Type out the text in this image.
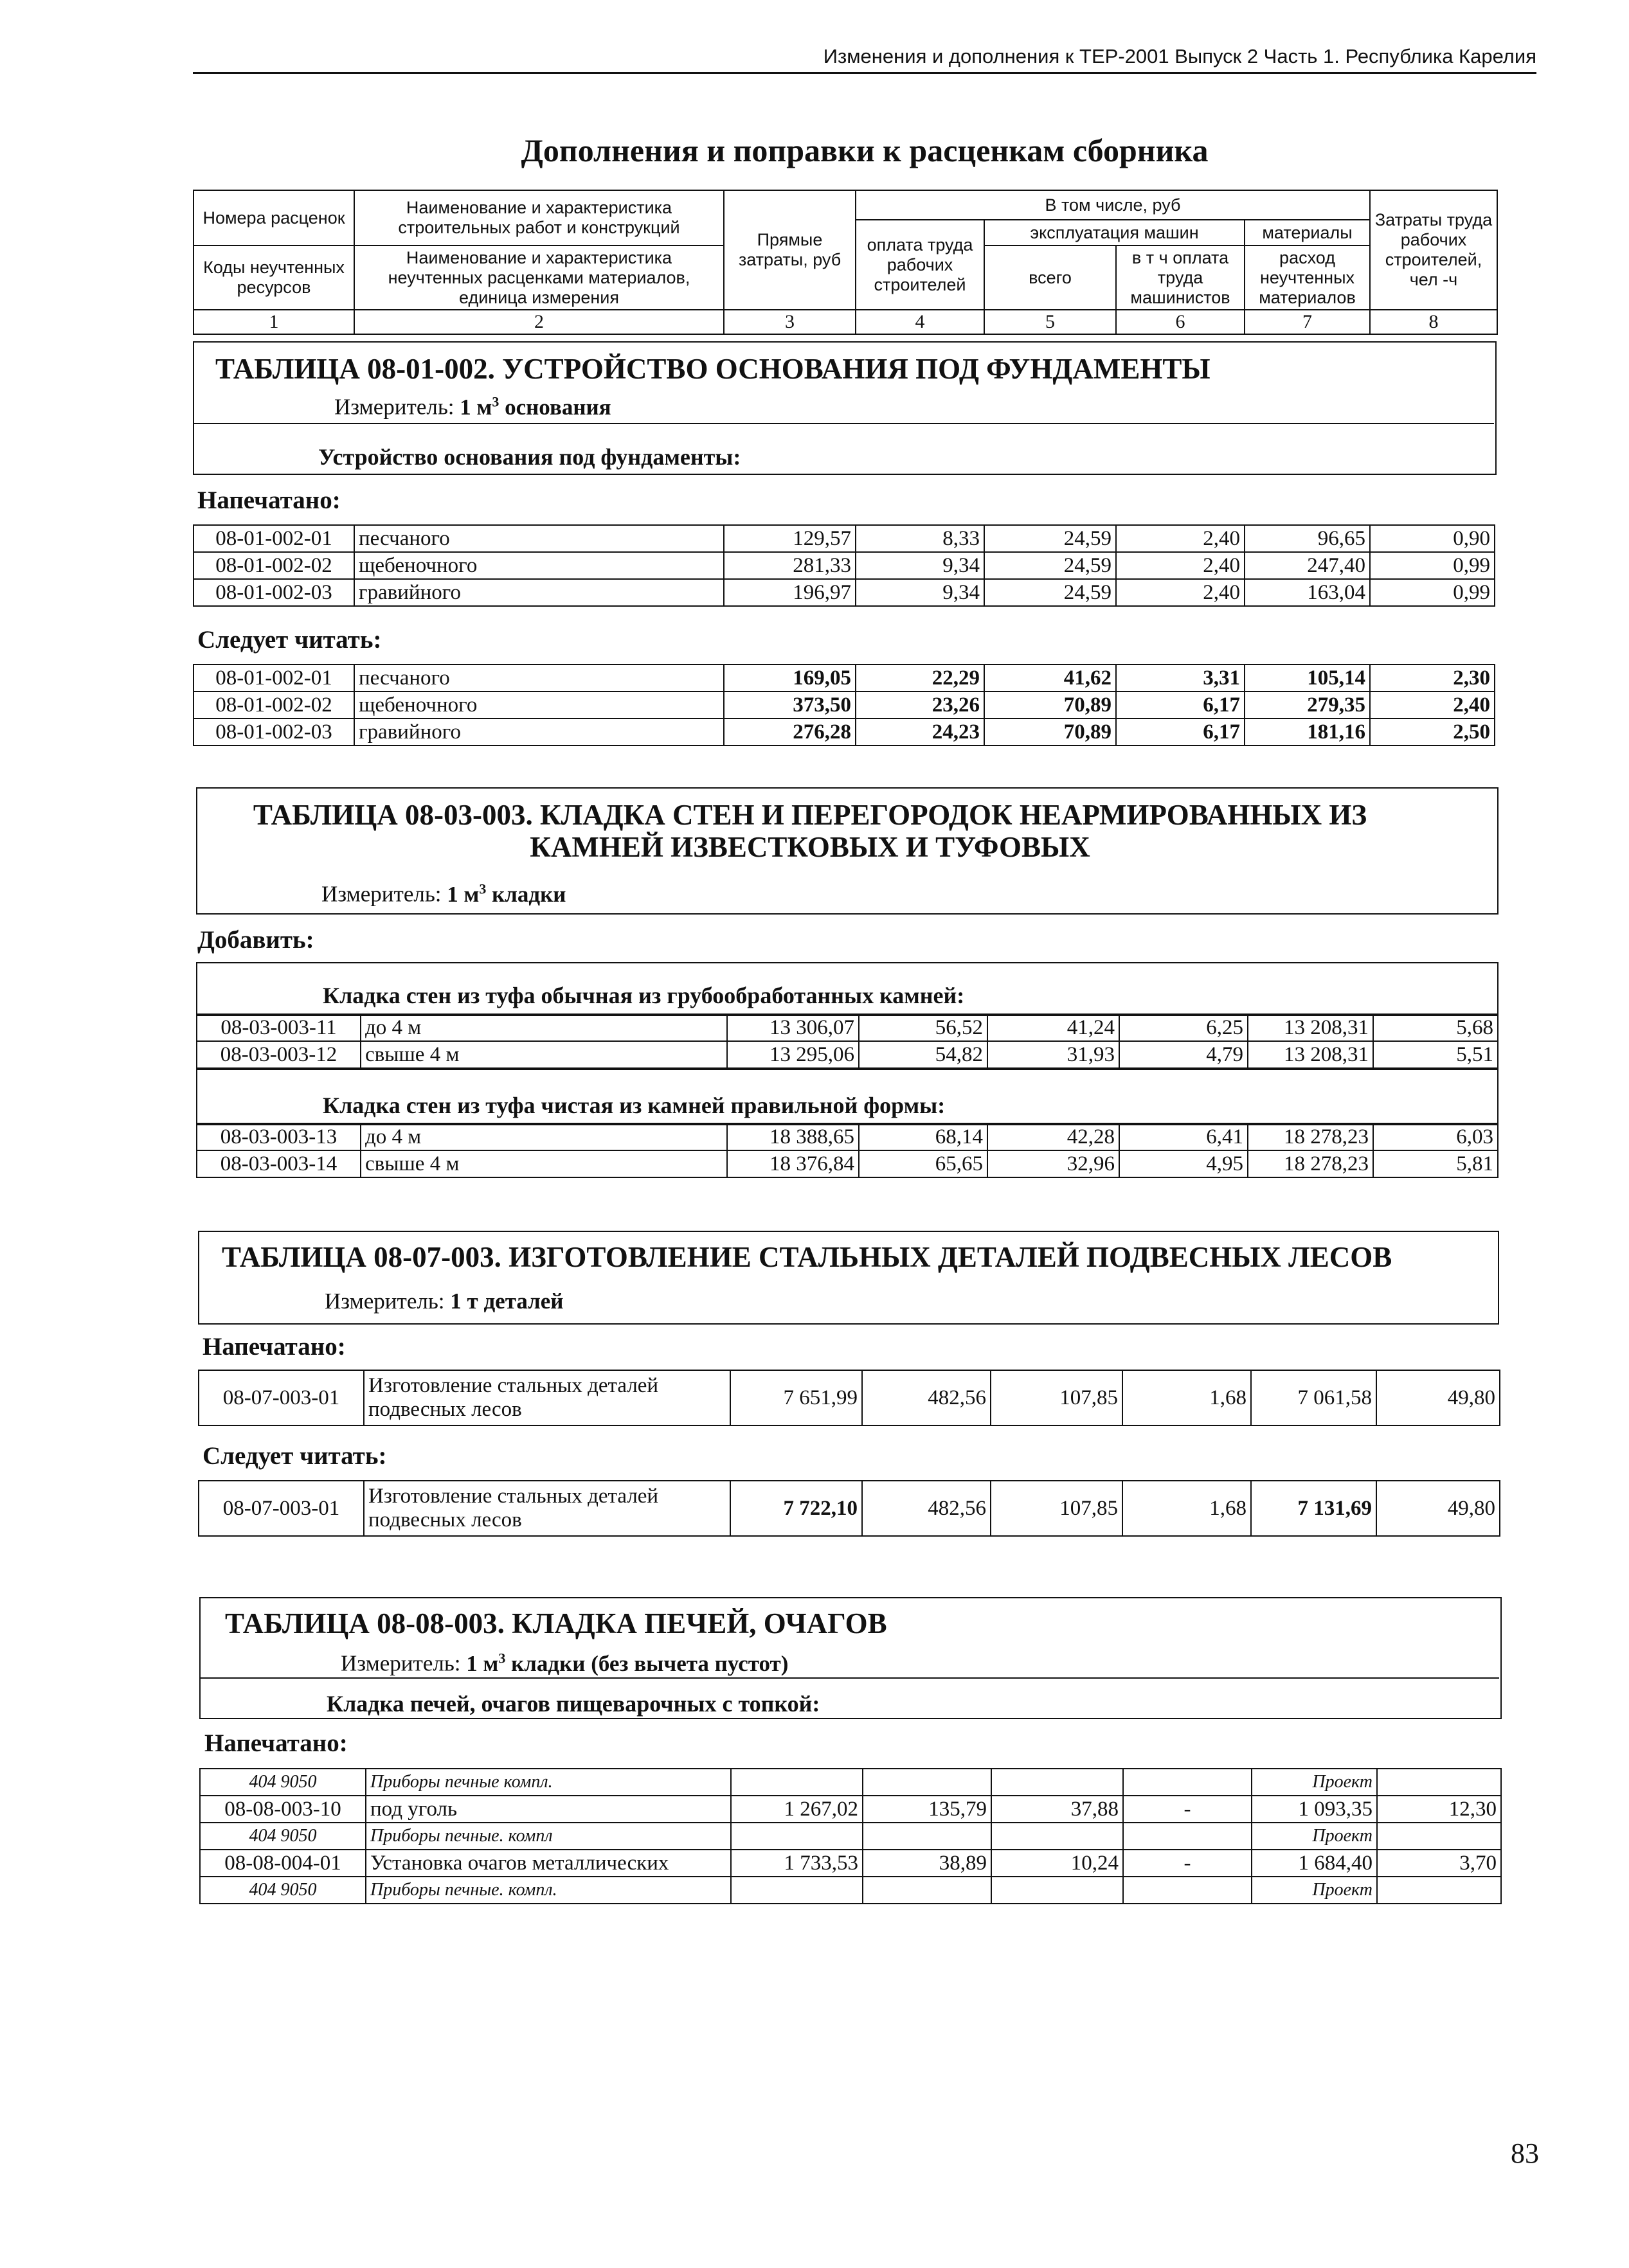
Изменения и дополнения к ТЕР-2001 Выпуск 2 Часть 1. Республика Карелия
Дополнения и поправки к расценкам сборника
Номера расценок	Наименование и характеристика строительных работ и конструкций	Прямые затраты, руб	В том числе, руб				Затраты труда рабочих строителей, чел -ч
			оплата труда рабочих строителей	эксплуатация машин		материалы	
Коды неучтенных ресурсов	Наименование и характеристика неучтенных расценками материалов, единица измерения			всего	в т ч оплата труда машинистов	расход неучтенных материалов	

1	2	3	4	5	6	7	8
ТАБЛИЦА 08-01-002. УСТРОЙСТВО ОСНОВАНИЯ ПОД ФУНДАМЕНТЫ
Измеритель: 1 $м^3$ основания
Устройство основания под фундаменты:
Напечатано:
08-01-002-01	песчаного	129,57	8,33	24,59	2,40	96,65	0,90
08-01-002-02	щебеночного	281,33	9,34	24,59	2,40	247,40	0,99
08-01-002-03	гравийного	196,97	9,34	24,59	2,40	163,04	0,99
Следует читать:
08-01-002-01	песчаного	169,05	22,29	41,62	3,31	105,14	2,30
08-01-002-02	щебеночного	373,50	23,26	70,89	6,17	279,35	2,40
08-01-002-03	гравийного	276,28	24,23	70,89	6,17	181,16	2,50
ТАБЛИЦА 08-03-003. КЛАДКА СТЕН И ПЕРЕГОРОДОК НЕАРМИРОВАННЫХ ИЗ КАМНЕЙ ИЗВЕСТКОВЫХ И ТУФОВЫХ
Измеритель: 1 $м^3$ кладки
Добавить:
Кладка стен из туфа обычная из грубообработанных камней:
08-03-003-11	до 4 м	13 306,07	56,52	41,24	6,25	13 208,31	5,68
08-03-003-12	свыше 4 м	13 295,06	54,82	31,93	4,79	13 208,31	5,51
Кладка стен из туфа чистая из камней правильной формы:
08-03-003-13	до 4 м	18 388,65	68,14	42,28	6,41	18 278,23	6,03
08-03-003-14	свыше 4 м	18 376,84	65,65	32,96	4,95	18 278,23	5,81
ТАБЛИЦА 08-07-003. ИЗГОТОВЛЕНИЕ СТАЛЬНЫХ ДЕТАЛЕЙ ПОДВЕСНЫХ ЛЕСОВ
Измеритель: 1 т деталей
Напечатано:
08-07-003-01	Изготовление стальных деталей подвесных лесов	7 651,99	482,56	107,85	1,68	7 061,58	49,80
Следует читать:
08-07-003-01	Изготовление стальных деталей подвесных лесов	7 722,10	482,56	107,85	1,68	7 131,69	49,80
ТАБЛИЦА 08-08-003. КЛАДКА ПЕЧЕЙ, ОЧАГОВ
Измеритель: 1 $м^3$ кладки (без вычета пустот)
Кладка печей, очагов пищеварочных с топкой:
Напечатано:
404 9050	Приборы печные компл.					Проект	
08-08-003-10	под уголь	1 267,02	135,79	37,88	-	1 093,35	12,30
404 9050	Приборы печные. компл					Проект	
08-08-004-01	Установка очагов металлических	1 733,53	38,89	10,24	-	1 684,40	3,70
404 9050	Приборы печные. компл.					Проект	
83
